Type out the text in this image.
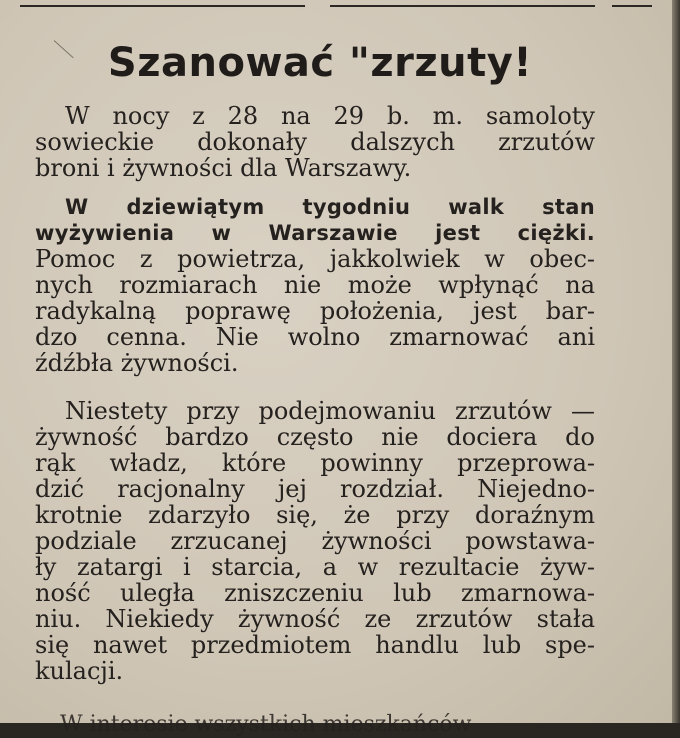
Szanować "zrzuty!
W nocy z 28 na 29 b. m. samoloty
sowieckie dokonały dalszych zrzutów
broni i żywności dla Warszawy.
W dziewiątym tygodniu walk stan
wyżywienia w Warszawie jest ciężki.
Pomoc z powietrza, jakkolwiek w obec-
nych rozmiarach nie może wpłynąć na
radykalną poprawę położenia, jest bar-
dzo cenna. Nie wolno zmarnować ani
źdźbła żywności.
Niestety przy podejmowaniu zrzutów —
żywność bardzo często nie dociera do
rąk władz, które powinny przeprowa-
dzić racjonalny jej rozdział. Niejedno-
krotnie zdarzyło się, że przy doraźnym
podziale zrzucanej żywności powstawa-
ły zatargi i starcia, a w rezultacie żyw-
ność uległa zniszczeniu lub zmarnowa-
niu. Niekiedy żywność ze zrzutów stała
się nawet przedmiotem handlu lub spe-
kulacji.
W interesie wszystkich mieszkańców
